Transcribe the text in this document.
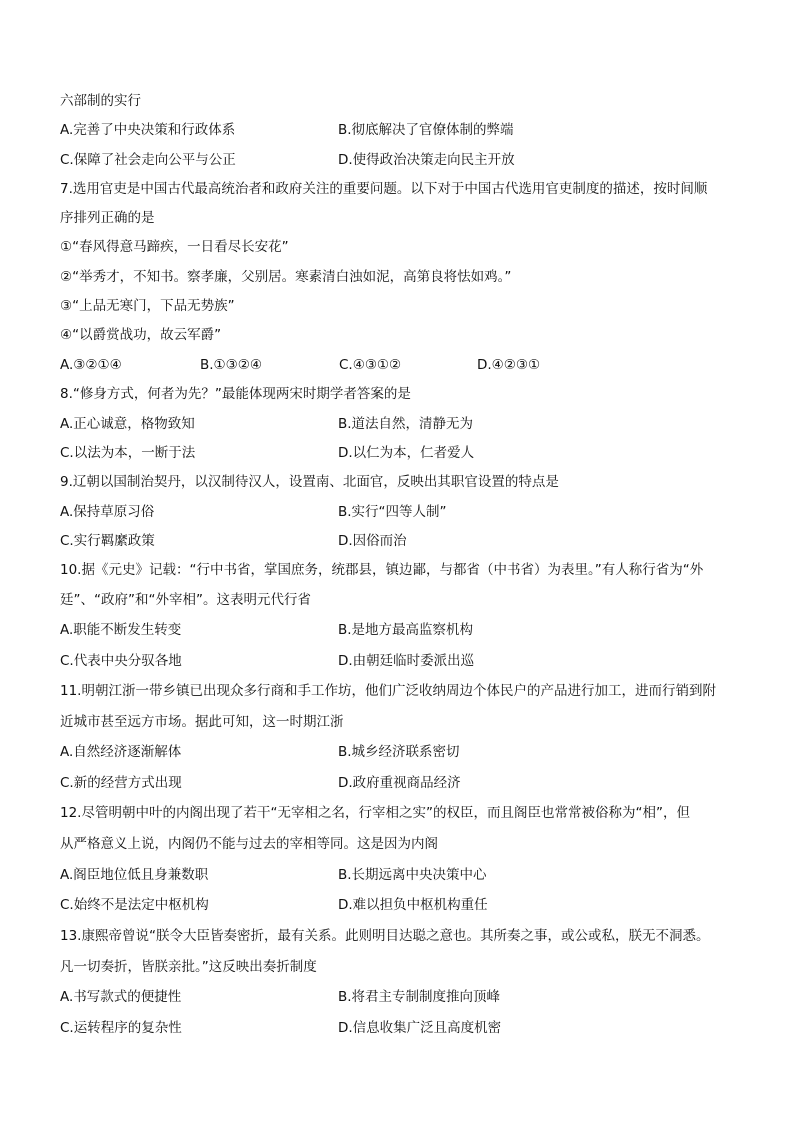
六部制的实行
A.完善了中央决策和行政体系	B.彻底解决了官僚体制的弊端
C.保障了社会走向公平与公正	D.使得政治决策走向民主开放
7.选用官吏是中国古代最高统治者和政府关注的重要问题。以下对于中国古代选用官吏制度的描述，按时间顺
序排列正确的是
①“春风得意马蹄疾，一日看尽长安花”
②“举秀才，不知书。察孝廉，父别居。寒素清白浊如泥，高第良将怯如鸡。”
③“上品无寒门，下品无势族”
④“以爵赏战功，故云军爵”
A.③②①④	B.①③②④	C.④③①②	D.④②③①
8.“修身方式，何者为先？”最能体现两宋时期学者答案的是
A.正心诚意，格物致知	B.道法自然，清静无为
C.以法为本，一断于法	D.以仁为本，仁者爱人
9.辽朝以国制治契丹，以汉制待汉人，设置南、北面官，反映出其职官设置的特点是
A.保持草原习俗	B.实行“四等人制”
C.实行羁縻政策	D.因俗而治
10.据《元史》记载：“行中书省，掌国庶务，统郡县，镇边鄙，与都省（中书省）为表里。”有人称行省为“外
廷”、“政府”和“外宰相”。这表明元代行省
A.职能不断发生转变	B.是地方最高监察机构
C.代表中央分驭各地	D.由朝廷临时委派出巡
11.明朝江浙一带乡镇已出现众多行商和手工作坊，他们广泛收纳周边个体民户的产品进行加工，进而行销到附
近城市甚至远方市场。据此可知，这一时期江浙
A.自然经济逐渐解体	B.城乡经济联系密切
C.新的经营方式出现	D.政府重视商品经济
12.尽管明朝中叶的内阁出现了若干“无宰相之名，行宰相之实”的权臣，而且阁臣也常常被俗称为“相”，但
从严格意义上说，内阁仍不能与过去的宰相等同。这是因为内阁
A.阁臣地位低且身兼数职	B.长期远离中央决策中心
C.始终不是法定中枢机构	D.难以担负中枢机构重任
13.康熙帝曾说“朕令大臣皆奏密折，最有关系。此则明目达聪之意也。其所奏之事，或公或私，朕无不洞悉。
凡一切奏折，皆朕亲批。”这反映出奏折制度
A.书写款式的便捷性	B.将君主专制制度推向顶峰
C.运转程序的复杂性	D.信息收集广泛且高度机密
